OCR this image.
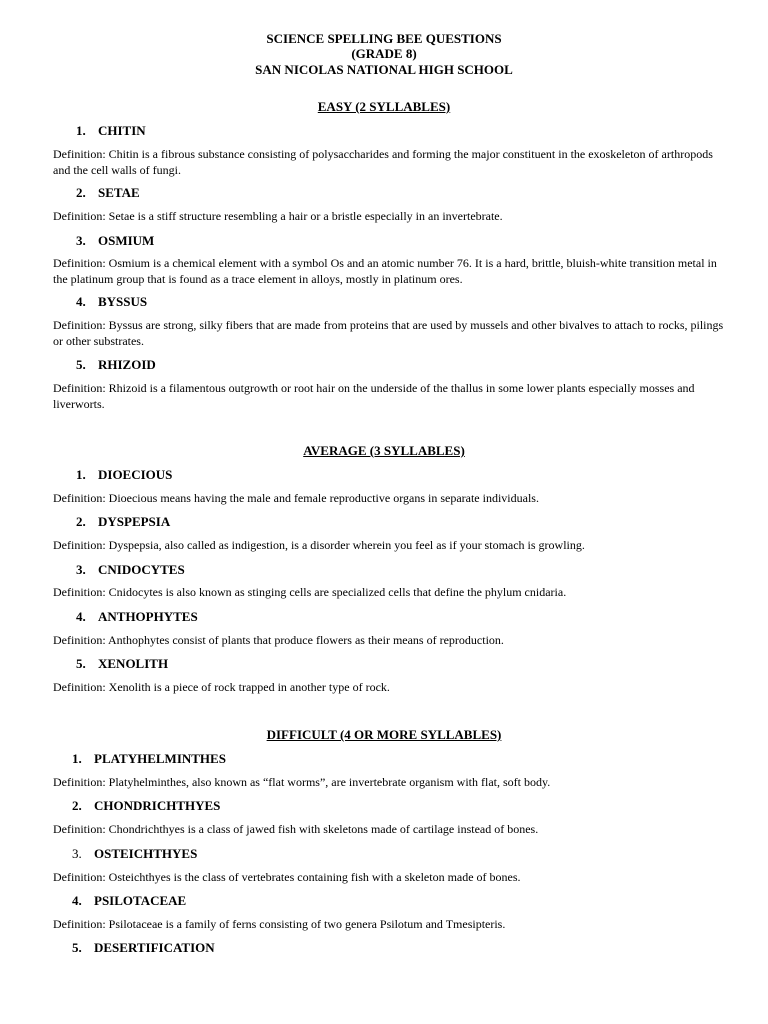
SCIENCE SPELLING BEE QUESTIONS
(GRADE 8)
SAN NICOLAS NATIONAL HIGH SCHOOL
EASY (2 SYLLABLES)
1. CHITIN
Definition: Chitin is a fibrous substance consisting of polysaccharides and forming the major constituent in the exoskeleton of arthropods and the cell walls of fungi.
2. SETAE
Definition: Setae is a stiff structure resembling a hair or a bristle especially in an invertebrate.
3. OSMIUM
Definition: Osmium is a chemical element with a symbol Os and an atomic number 76. It is a hard, brittle, bluish-white transition metal in the platinum group that is found as a trace element in alloys, mostly in platinum ores.
4. BYSSUS
Definition: Byssus are strong, silky fibers that are made from proteins that are used by mussels and other bivalves to attach to rocks, pilings or other substrates.
5. RHIZOID
Definition: Rhizoid is a filamentous outgrowth or root hair on the underside of the thallus in some lower plants especially mosses and liverworts.
AVERAGE (3 SYLLABLES)
1. DIOECIOUS
Definition: Dioecious means having the male and female reproductive organs in separate individuals.
2. DYSPEPSIA
Definition: Dyspepsia, also called as indigestion, is a disorder wherein you feel as if your stomach is growling.
3. CNIDOCYTES
Definition: Cnidocytes is also known as stinging cells are specialized cells that define the phylum cnidaria.
4. ANTHOPHYTES
Definition: Anthophytes consist of plants that produce flowers as their means of reproduction.
5. XENOLITH
Definition: Xenolith is a piece of rock trapped in another type of rock.
DIFFICULT (4 OR MORE SYLLABLES)
1. PLATYHELMINTHES
Definition: Platyhelminthes, also known as “flat worms”, are invertebrate organism with flat, soft body.
2. CHONDRICHTHYES
Definition: Chondrichthyes is a class of jawed fish with skeletons made of cartilage instead of bones.
3. OSTEICHTHYES
Definition: Osteichthyes is the class of vertebrates containing fish with a skeleton made of bones.
4. PSILOTACEAE
Definition: Psilotaceae is a family of ferns consisting of two genera Psilotum and Tmesipteris.
5. DESERTIFICATION
